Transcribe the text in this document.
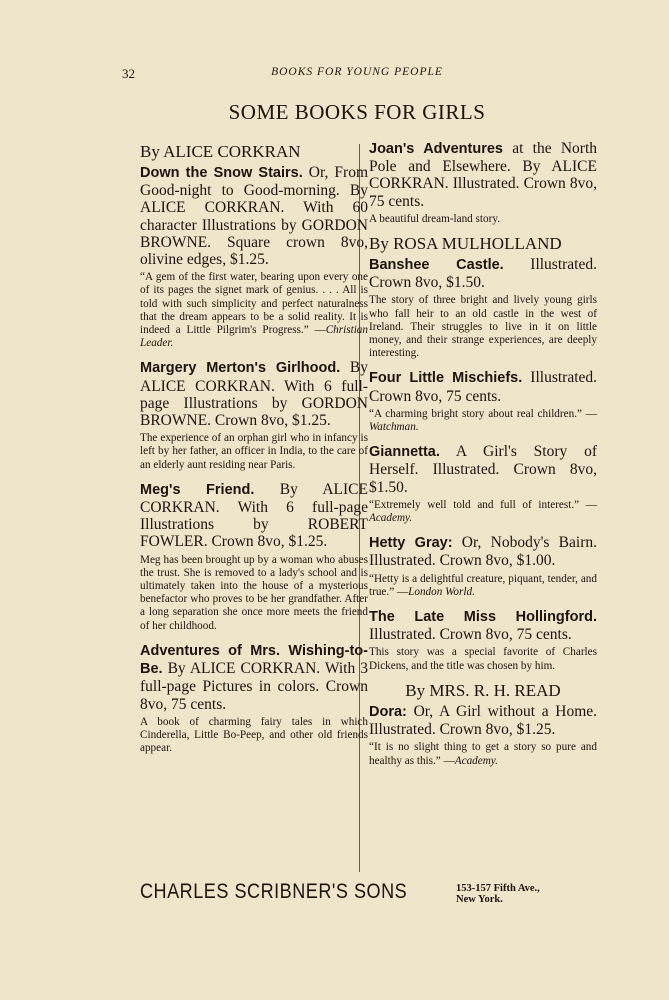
32	BOOKS FOR YOUNG PEOPLE
SOME BOOKS FOR GIRLS
By ALICE CORKRAN
Down the Snow Stairs. Or, From Good-night to Good-morning. By ALICE CORKRAN. With 60 character Illustrations by GORDON BROWNE. Square crown 8vo, olivine edges, $1.25.
“A gem of the first water, bearing upon every one of its pages the signet mark of genius. . . . All is told with such simplicity and perfect naturalness that the dream appears to be a solid reality. It is indeed a Little Pilgrim's Progress.” —Christian Leader.
Margery Merton's Girlhood. By ALICE CORKRAN. With 6 full-page Illustrations by GORDON BROWNE. Crown 8vo, $1.25.
The experience of an orphan girl who in infancy is left by her father, an officer in India, to the care of an elderly aunt residing near Paris.
Meg's Friend. By ALICE CORKRAN. With 6 full-page Illustrations by ROBERT FOWLER. Crown 8vo, $1.25.
Meg has been brought up by a woman who abuses the trust. She is removed to a lady's school and is ultimately taken into the house of a mysterious benefactor who proves to be her grandfather. After a long separation she once more meets the friend of her childhood.
Adventures of Mrs. Wishing-to-Be. By ALICE CORKRAN. With 3 full-page Pictures in colors. Crown 8vo, 75 cents.
A book of charming fairy tales in which Cinderella, Little Bo-Peep, and other old friends appear.
Joan's Adventures at the North Pole and Elsewhere. By ALICE CORKRAN. Illustrated. Crown 8vo, 75 cents.
A beautiful dream-land story.
By ROSA MULHOLLAND
Banshee Castle. Illustrated. Crown 8vo, $1.50.
The story of three bright and lively young girls who fall heir to an old castle in the west of Ireland. Their struggles to live in it on little money, and their strange experiences, are deeply interesting.
Four Little Mischiefs. Illustrated. Crown 8vo, 75 cents.
“A charming bright story about real children.” —Watchman.
Giannetta. A Girl's Story of Herself. Illustrated. Crown 8vo, $1.50.
“Extremely well told and full of interest.” —Academy.
Hetty Gray: Or, Nobody's Bairn. Illustrated. Crown 8vo, $1.00.
“Hetty is a delightful creature, piquant, tender, and true.” —London World.
The Late Miss Hollingford. Illustrated. Crown 8vo, 75 cents.
This story was a special favorite of Charles Dickens, and the title was chosen by him.
By MRS. R. H. READ
Dora: Or, A Girl without a Home. Illustrated. Crown 8vo, $1.25.
“It is no slight thing to get a story so pure and healthy as this.” —Academy.
CHARLES SCRIBNER'S SONS	153-157 Fifth Ave.,
New York.
